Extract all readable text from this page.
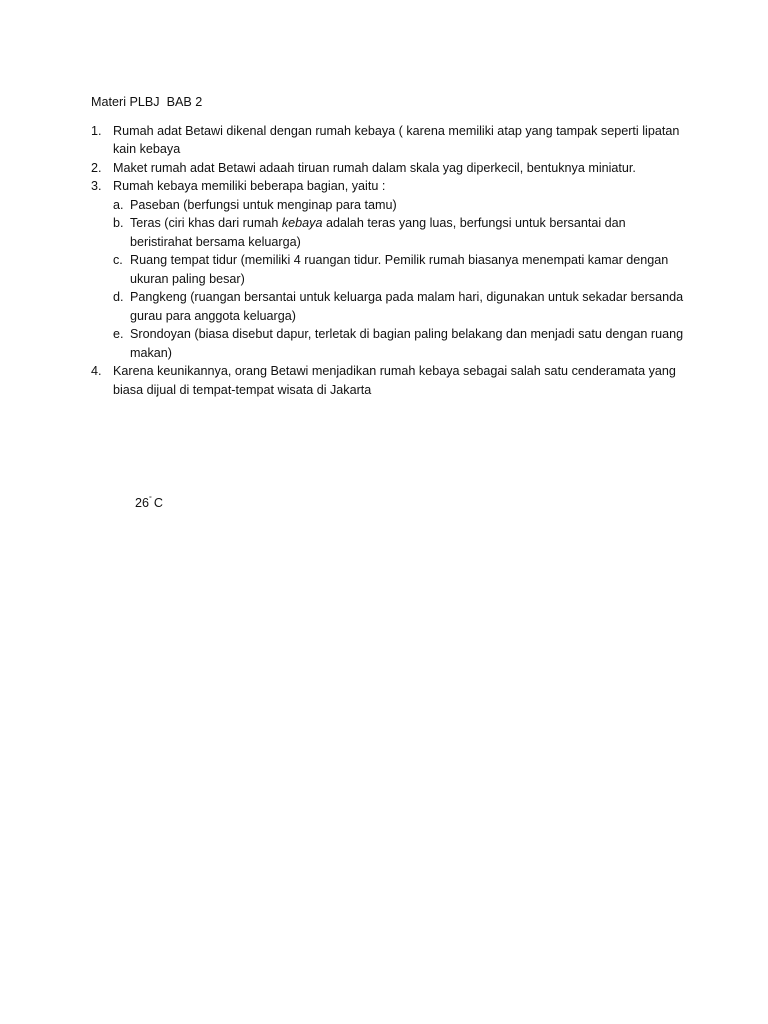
Materi PLBJ  BAB 2
1. Rumah adat Betawi dikenal dengan rumah kebaya ( karena memiliki atap yang tampak seperti lipatan kain kebaya
2. Maket rumah adat Betawi adaah tiruan rumah dalam skala yag diperkecil, bentuknya miniatur.
3. Rumah kebaya memiliki beberapa bagian, yaitu :
a. Paseban (berfungsi untuk menginap para tamu)
b. Teras (ciri khas dari rumah kebaya adalah teras yang luas, berfungsi untuk bersantai dan beristirahat bersama keluarga)
c. Ruang tempat tidur (memiliki 4 ruangan tidur. Pemilik rumah biasanya menempati kamar dengan ukuran paling besar)
d. Pangkeng (ruangan bersantai untuk keluarga pada malam hari, digunakan untuk sekadar bersanda gurau para anggota keluarga)
e. Srondoyan (biasa disebut dapur, terletak di bagian paling belakang dan menjadi satu dengan ruang makan)
4. Karena keunikannya, orang Betawi menjadikan rumah kebaya sebagai salah satu cenderamata yang biasa dijual di tempat-tempat wisata di Jakarta
26° C
